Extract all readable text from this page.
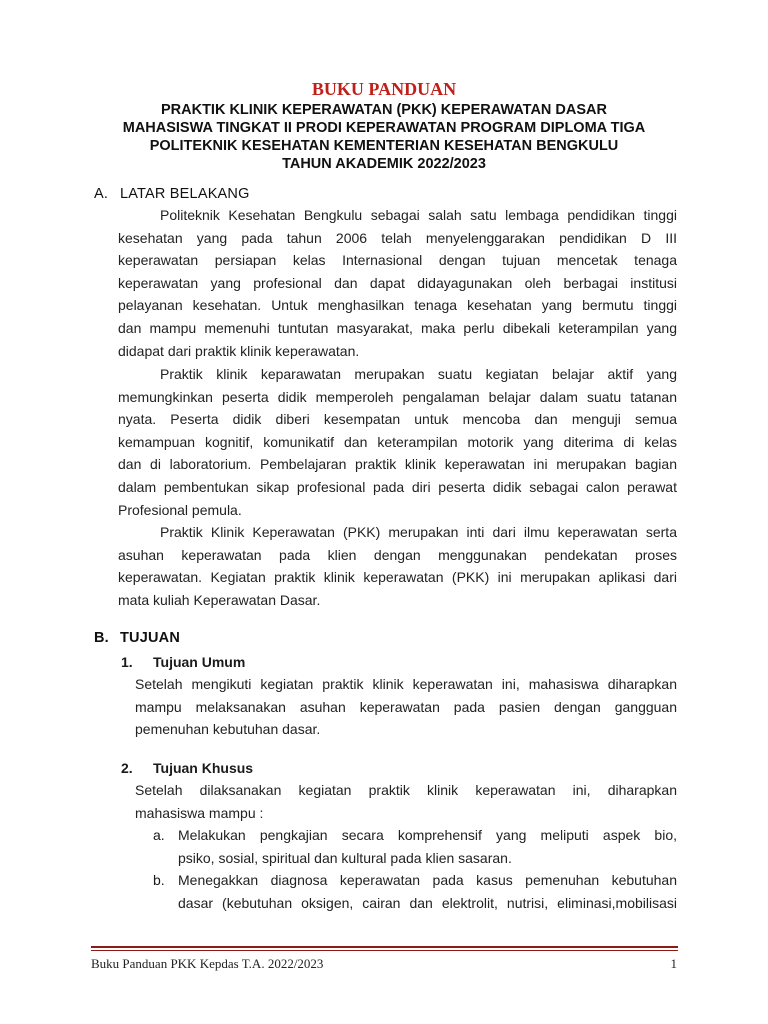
BUKU PANDUAN
PRAKTIK KLINIK KEPERAWATAN (PKK) KEPERAWATAN DASAR
MAHASISWA TINGKAT II PRODI KEPERAWATAN PROGRAM DIPLOMA TIGA
POLITEKNIK KESEHATAN KEMENTERIAN KESEHATAN BENGKULU
TAHUN AKADEMIK 2022/2023
A. LATAR BELAKANG
Politeknik Kesehatan Bengkulu sebagai salah satu lembaga pendidikan tinggi
kesehatan yang pada tahun 2006 telah menyelenggarakan pendidikan D III
keperawatan persiapan kelas Internasional dengan tujuan mencetak tenaga
keperawatan yang profesional dan dapat didayagunakan oleh berbagai institusi
pelayanan kesehatan. Untuk menghasilkan tenaga kesehatan yang bermutu tinggi
dan mampu memenuhi tuntutan masyarakat, maka perlu dibekali keterampilan yang
didapat dari praktik klinik keperawatan.
Praktik klinik keparawatan merupakan suatu kegiatan belajar aktif yang
memungkinkan peserta didik memperoleh pengalaman belajar dalam suatu tatanan
nyata. Peserta didik diberi kesempatan untuk mencoba dan menguji semua
kemampuan kognitif, komunikatif dan keterampilan motorik yang diterima di kelas
dan di laboratorium. Pembelajaran praktik klinik keperawatan ini merupakan bagian
dalam pembentukan sikap profesional pada diri peserta didik sebagai calon perawat
Profesional pemula.
Praktik Klinik Keperawatan (PKK) merupakan inti dari ilmu keperawatan serta
asuhan keperawatan pada klien dengan menggunakan pendekatan proses
keperawatan. Kegiatan praktik klinik keperawatan (PKK) ini merupakan aplikasi dari
mata kuliah Keperawatan Dasar.
B. TUJUAN
1. Tujuan Umum
Setelah mengikuti kegiatan praktik klinik keperawatan ini, mahasiswa diharapkan
mampu melaksanakan asuhan keperawatan pada pasien dengan gangguan
pemenuhan kebutuhan dasar.
2. Tujuan Khusus
Setelah dilaksanakan kegiatan praktik klinik keperawatan ini, diharapkan
mahasiswa mampu :
a. Melakukan pengkajian secara komprehensif yang meliputi aspek bio,
psiko, sosial, spiritual dan kultural pada klien sasaran.
b. Menegakkan diagnosa keperawatan pada kasus pemenuhan kebutuhan
dasar (kebutuhan oksigen, cairan dan elektrolit, nutrisi, eliminasi,mobilisasi
Buku Panduan PKK Kepdas T.A. 2022/2023	1
